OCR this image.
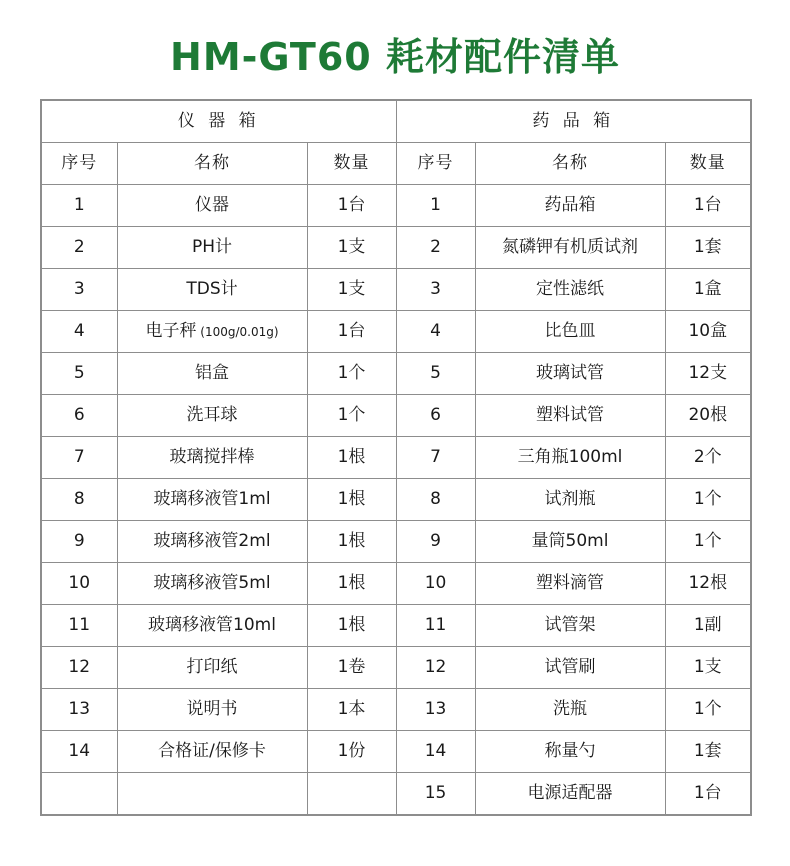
HM-GT60 耗材配件清单
仪 器 箱			药 品 箱		
序号	名称	数量	序号	名称	数量
1	仪器	1台	1	药品箱	1台
2	PH计	1支	2	氮磷钾有机质试剂	1套
3	TDS计	1支	3	定性滤纸	1盒
4	电子秤 (100g/0.01g)	1台	4	比色皿	10盒
5	铝盒	1个	5	玻璃试管	12支
6	洗耳球	1个	6	塑料试管	20根
7	玻璃搅拌棒	1根	7	三角瓶100ml	2个
8	玻璃移液管1ml	1根	8	试剂瓶	1个
9	玻璃移液管2ml	1根	9	量筒50ml	1个
10	玻璃移液管5ml	1根	10	塑料滴管	12根
11	玻璃移液管10ml	1根	11	试管架	1副
12	打印纸	1卷	12	试管刷	1支
13	说明书	1本	13	洗瓶	1个
14	合格证/保修卡	1份	14	称量勺	1套
			15	电源适配器	1台
